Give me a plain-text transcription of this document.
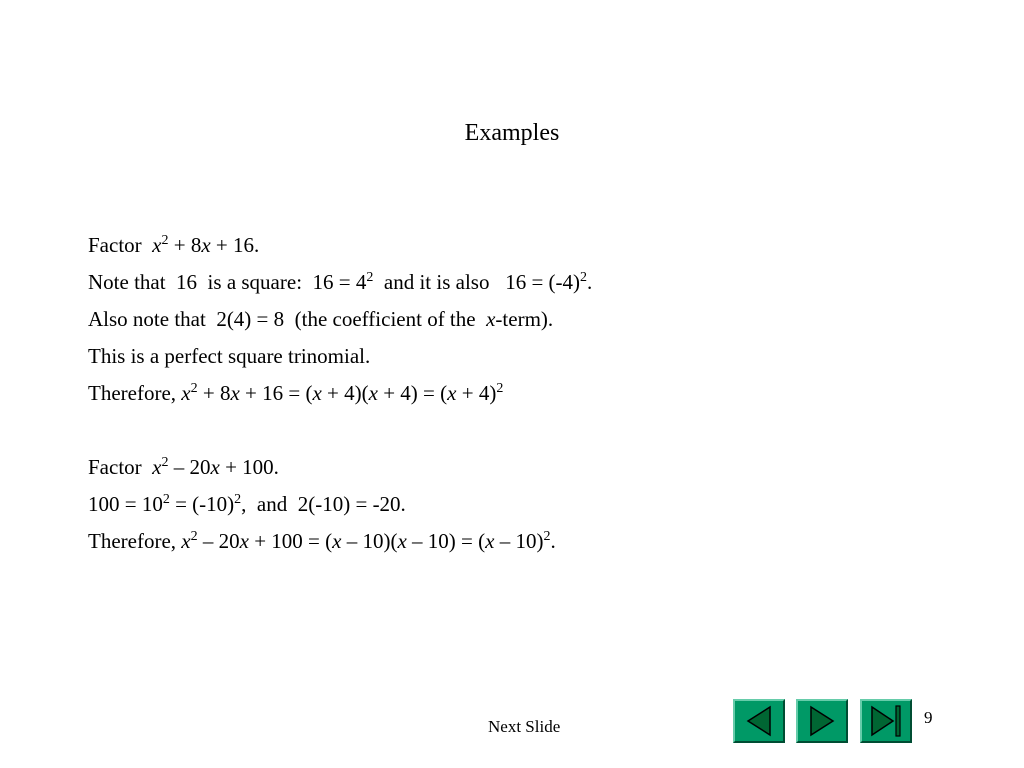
Examples
Factor  $x^2 + 8x + 16$.
Note that  16  is a square:  $16 = 4^2$  and it is also   $16 = (-4)^2$.
Also note that  2(4) = 8  (the coefficient of the  x-term).
This is a perfect square trinomial.
Therefore, $x^2 + 8x + 16 = (x + 4)(x + 4) = (x + 4)^2$
Factor  $x^2 - 20x + 100$.
$100 = 10^2 = (-10)^2$,  and  2(-10) = -20.
Therefore, $x^2 - 20x + 100 = (x - 10)(x - 10) = (x - 10)^2$.
Next Slide	9
